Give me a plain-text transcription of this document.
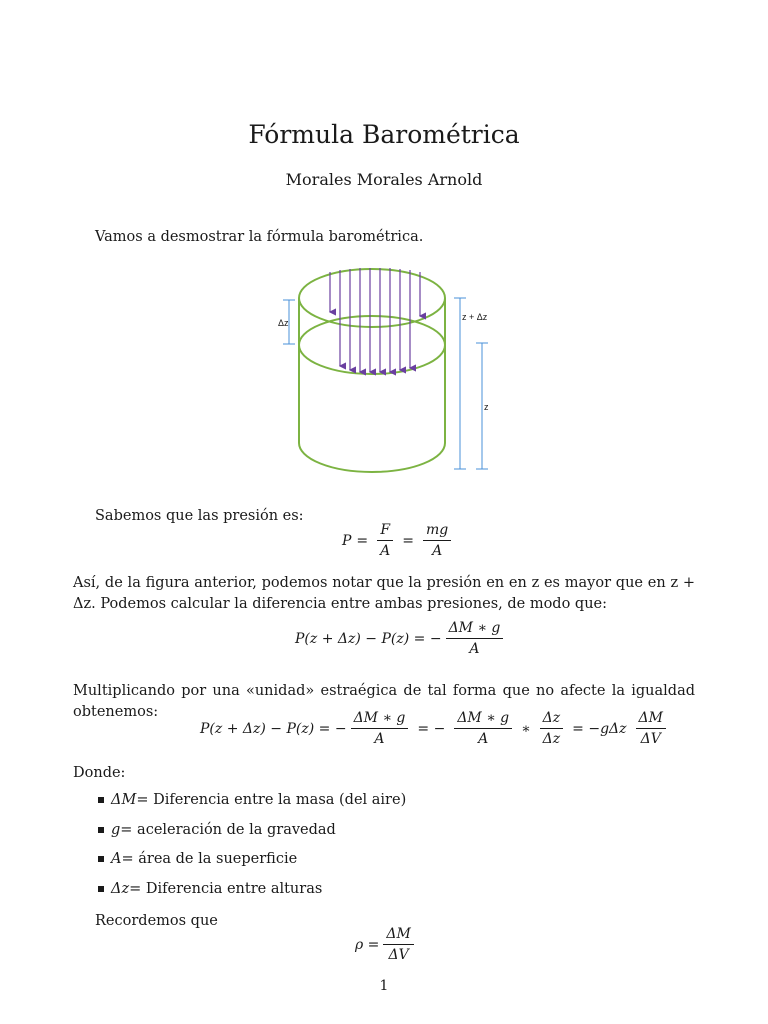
Fórmula Barométrica
Morales Morales Arnold
Vamos a desmostrar la fórmula barométrica.
Δz
z + Δz
z
Sabemos que las presión es:
$P = \frac{F}{A} = \frac{mg}{A}$
Así, de la figura anterior, podemos notar que la presión en en z es mayor que en z + Δz. Podemos calcular la diferencia entre ambas presiones, de modo que:
P(z + Δz) − P(z) = − $\frac{\Delta M ∗ g}{A}$
Multiplicando por una «unidad» estraégica de tal forma que no afecte la igualdad obtenemos:
P(z + Δz) − P(z) = − $\frac{\Delta M ∗ g}{A}$ = − $\frac{\Delta M ∗ g}{A}$ ∗ $\frac{\Delta z}{\Delta z} = -g\Delta z \frac{\Delta M}{\Delta V}$
Donde:
ΔM = Diferencia entre la masa (del aire)
g = aceleración de la gravedad
A = área de la sueperficie
Δz = Diferencia entre alturas
Recordemos que
$\rho = \frac{\Delta M}{\Delta V}$
1
